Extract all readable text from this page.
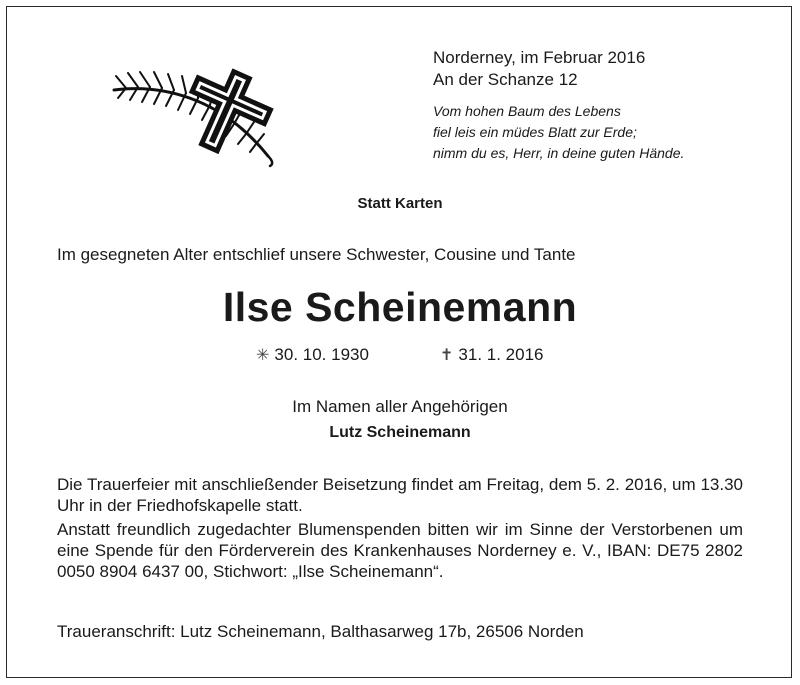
Norderney, im Februar 2016
An der Schanze 12
Vom hohen Baum des Lebens
fiel leis ein müdes Blatt zur Erde;
nimm du es, Herr, in deine guten Hände.
Statt Karten
Im gesegneten Alter entschlief unsere Schwester, Cousine und Tante
Ilse Scheinemann
✳ 30. 10. 1930	✝ 31. 1. 2016
Im Namen aller Angehörigen
Lutz Scheinemann
Die Trauerfeier mit anschließender Beisetzung findet am Freitag, dem 5. 2. 2016, um 13.30 Uhr in der Friedhofskapelle statt.
Anstatt freundlich zugedachter Blumenspenden bitten wir im Sinne der Verstorbenen um eine Spende für den Förderverein des Krankenhauses Norderney e. V., IBAN: DE75 2802 0050 8904 6437 00, Stichwort: „Ilse Scheinemann“.
Traueranschrift: Lutz Scheinemann, Balthasarweg 17b, 26506 Norden
